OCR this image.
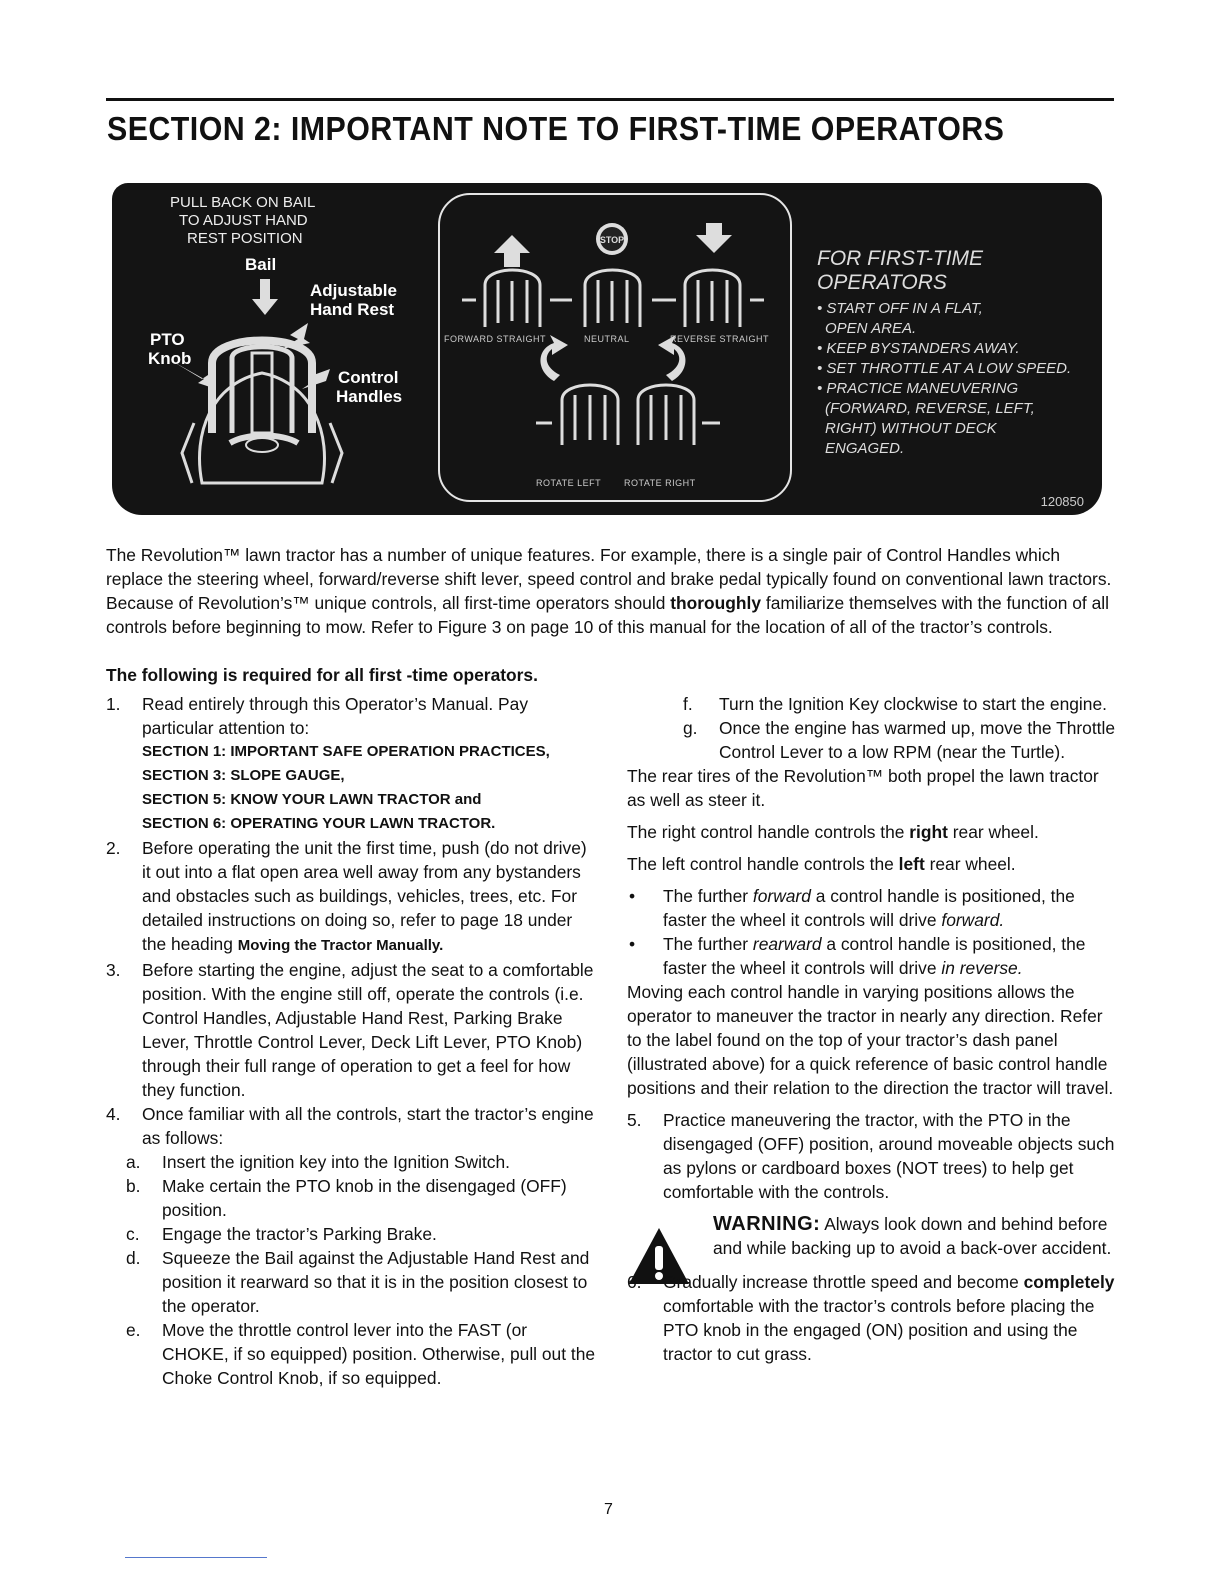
SECTION 2: IMPORTANT NOTE TO FIRST-TIME OPERATORS
PULL BACK ON BAIL
TO ADJUST HAND
REST POSITION
Bail
Adjustable
Hand Rest
PTO
Knob
Control
Handles
STOP
FORWARD STRAIGHT	NEUTRAL	REVERSE STRAIGHT
ROTATE LEFT	ROTATE RIGHT
FOR FIRST-TIME
OPERATORS
• START OFF IN A FLAT,
OPEN AREA.
• KEEP BYSTANDERS AWAY.
• SET THROTTLE AT A LOW SPEED.
• PRACTICE MANEUVERING
(FORWARD, REVERSE, LEFT,
RIGHT) WITHOUT DECK
ENGAGED.
120850

The Revolution™ lawn tractor has a number of unique features. For example, there is a single pair of Control Handles which replace the steering wheel, forward/reverse shift lever, speed control and brake pedal typically found on conventional lawn tractors. Because of Revolution’s™ unique controls, all first-time operators should thoroughly familiarize themselves with the function of all controls before beginning to mow. Refer to Figure 3 on page 10 of this manual for the location of all of the tractor’s controls.

The following is required for all first -time operators.
1. Read entirely through this Operator’s Manual. Pay particular attention to:
SECTION 1: IMPORTANT SAFE OPERATION PRACTICES,
SECTION 3: SLOPE GAUGE,
SECTION 5: KNOW YOUR LAWN TRACTOR and
SECTION 6: OPERATING YOUR LAWN TRACTOR.
2. Before operating the unit the first time, push (do not drive) it out into a flat open area well away from any bystanders and obstacles such as buildings, vehicles, trees, etc. For detailed instructions on doing so, refer to page 18 under the heading Moving the Tractor Manually.
3. Before starting the engine, adjust the seat to a comfortable position. With the engine still off, operate the controls (i.e. Control Handles, Adjustable Hand Rest, Parking Brake Lever, Throttle Control Lever, Deck Lift Lever, PTO Knob) through their full range of operation to get a feel for how they function.
4. Once familiar with all the controls, start the tractor’s engine as follows:
a. Insert the ignition key into the Ignition Switch.
b. Make certain the PTO knob in the disengaged (OFF) position.
c. Engage the tractor’s Parking Brake.
d. Squeeze the Bail against the Adjustable Hand Rest and position it rearward so that it is in the position closest to the operator.
e. Move the throttle control lever into the FAST (or CHOKE, if so equipped) position. Otherwise, pull out the Choke Control Knob, if so equipped.
f. Turn the Ignition Key clockwise to start the engine.
g. Once the engine has warmed up, move the Throttle Control Lever to a low RPM (near the Turtle).
The rear tires of the Revolution™ both propel the lawn tractor as well as steer it.
The right control handle controls the right rear wheel.
The left control handle controls the left rear wheel.
• The further forward a control handle is positioned, the faster the wheel it controls will drive forward.
• The further rearward a control handle is positioned, the faster the wheel it controls will drive in reverse.
Moving each control handle in varying positions allows the operator to maneuver the tractor in nearly any direction. Refer to the label found on the top of your tractor’s dash panel (illustrated above) for a quick reference of basic control handle positions and their relation to the direction the tractor will travel.
5. Practice maneuvering the tractor, with the PTO in the disengaged (OFF) position, around moveable objects such as pylons or cardboard boxes (NOT trees) to help get comfortable with the controls.
WARNING: Always look down and behind before and while backing up to avoid a back-over accident.
6. Gradually increase throttle speed and become completely comfortable with the tractor’s controls before placing the PTO knob in the engaged (ON) position and using the tractor to cut grass.
7
